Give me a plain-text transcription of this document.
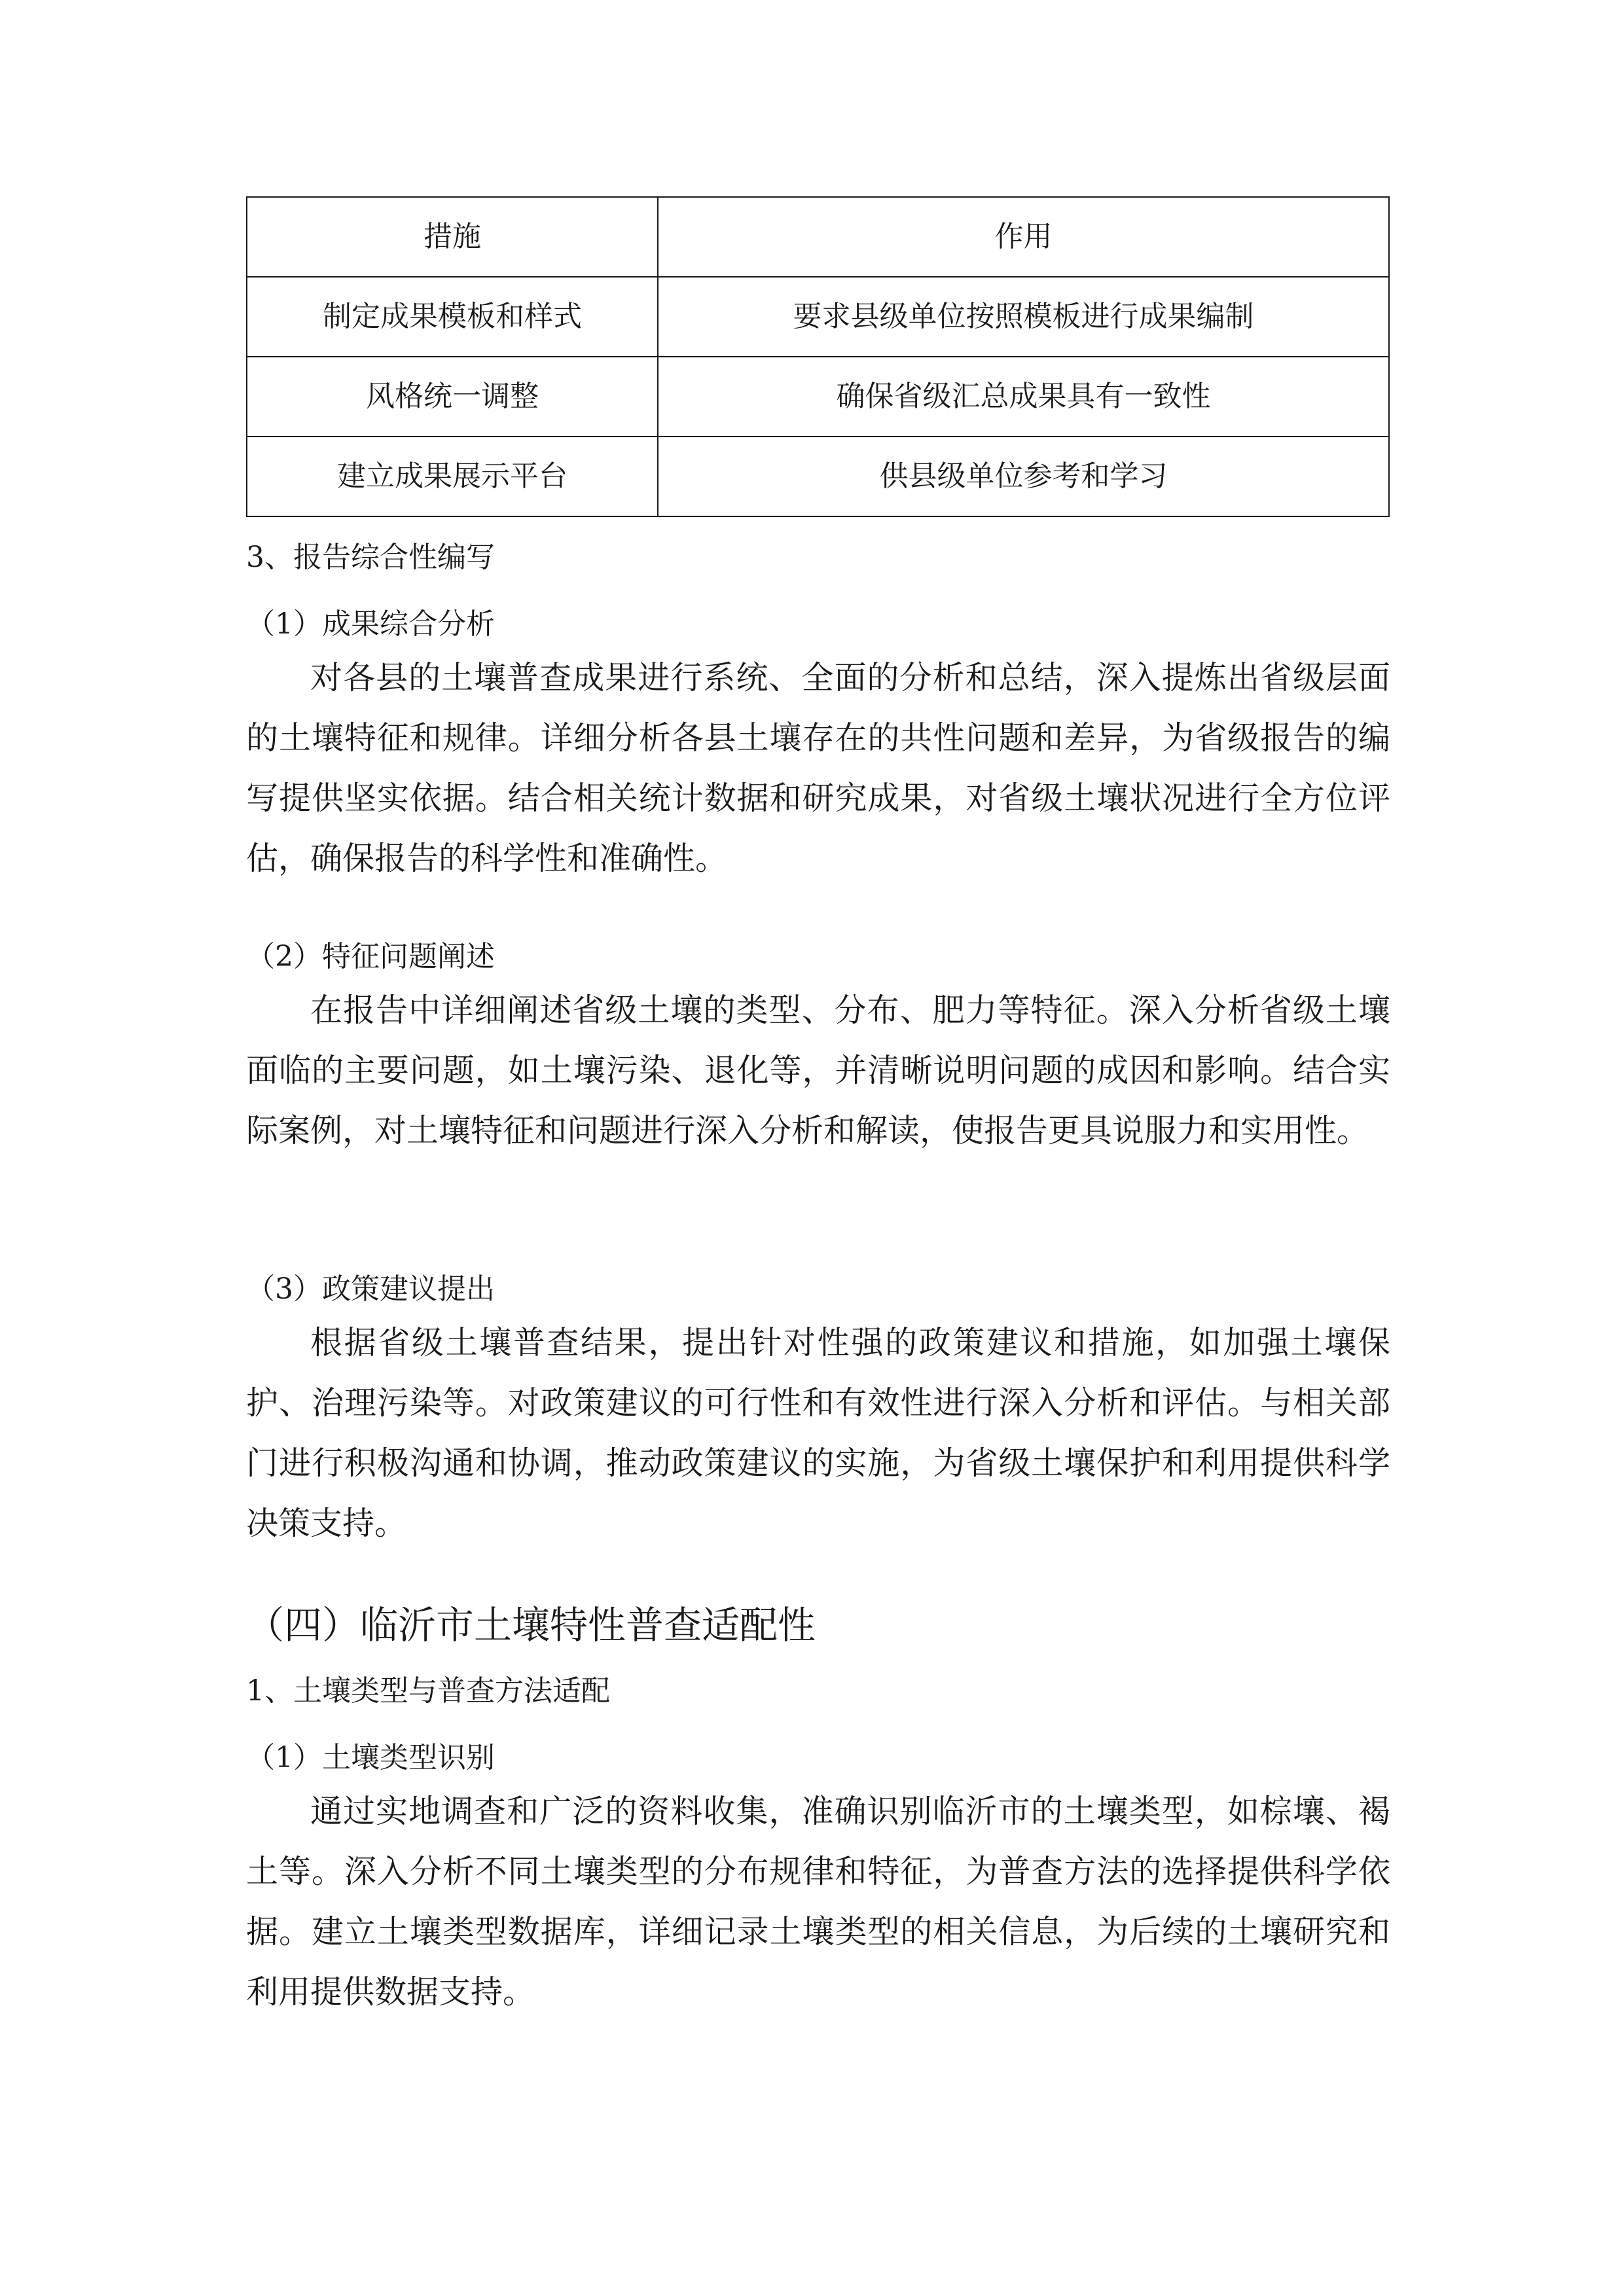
措施	作用
制定成果模板和样式	要求县级单位按照模板进行成果编制
风格统一调整	确保省级汇总成果具有一致性
建立成果展示平台	供县级单位参考和学习

3、报告综合性编写

（1）成果综合分析

对各县的土壤普查成果进行系统、全面的分析和总结，深入提炼出省级层面的土壤特征和规律。详细分析各县土壤存在的共性问题和差异，为省级报告的编写提供坚实依据。结合相关统计数据和研究成果，对省级土壤状况进行全方位评估，确保报告的科学性和准确性。

（2）特征问题阐述

在报告中详细阐述省级土壤的类型、分布、肥力等特征。深入分析省级土壤面临的主要问题，如土壤污染、退化等，并清晰说明问题的成因和影响。结合实际案例，对土壤特征和问题进行深入分析和解读，使报告更具说服力和实用性。

（3）政策建议提出

根据省级土壤普查结果，提出针对性强的政策建议和措施，如加强土壤保护、治理污染等。对政策建议的可行性和有效性进行深入分析和评估。与相关部门进行积极沟通和协调，推动政策建议的实施，为省级土壤保护和利用提供科学决策支持。

（四）临沂市土壤特性普查适配性

1、土壤类型与普查方法适配

（1）土壤类型识别

通过实地调查和广泛的资料收集，准确识别临沂市的土壤类型，如棕壤、褐土等。深入分析不同土壤类型的分布规律和特征，为普查方法的选择提供科学依据。建立土壤类型数据库，详细记录土壤类型的相关信息，为后续的土壤研究和利用提供数据支持。
